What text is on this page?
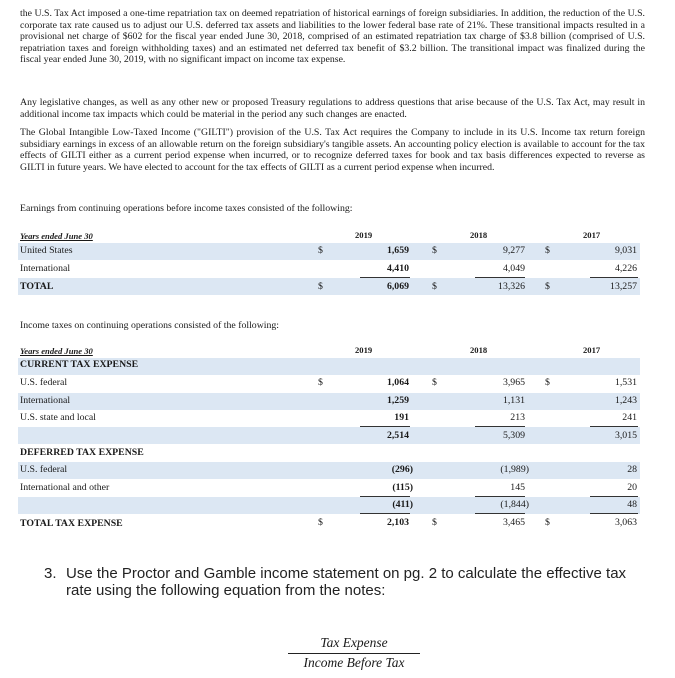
the U.S. Tax Act imposed a one-time repatriation tax on deemed repatriation of historical earnings of foreign subsidiaries. In addition, the reduction of the U.S. corporate tax rate caused us to adjust our U.S. deferred tax assets and liabilities to the lower federal base rate of 21%. These transitional impacts resulted in a provisional net charge of $602 for the fiscal year ended June 30, 2018, comprised of an estimated repatriation tax charge of $3.8 billion (comprised of U.S. repatriation taxes and foreign withholding taxes) and an estimated net deferred tax benefit of $3.2 billion. The transitional impact was finalized during the fiscal year ended June 30, 2019, with no significant impact on income tax expense.
Any legislative changes, as well as any other new or proposed Treasury regulations to address questions that arise because of the U.S. Tax Act, may result in additional income tax impacts which could be material in the period any such changes are enacted.
The Global Intangible Low-Taxed Income ("GILTI") provision of the U.S. Tax Act requires the Company to include in its U.S. Income tax return foreign subsidiary earnings in excess of an allowable return on the foreign subsidiary's tangible assets. An accounting policy election is available to account for the tax effects of GILTI either as a current period expense when incurred, or to recognize deferred taxes for book and tax basis differences expected to reverse as GILTI in future years. We have elected to account for the tax effects of GILTI as a current period expense when incurred.
Earnings from continuing operations before income taxes consisted of the following:
Years ended June 30	2019	2018	2017
United States	$	1,659 $	9,277 $	9,031
International	4,410	4,049	4,226
TOTAL	$	6,069 $	13,326 $	13,257
Income taxes on continuing operations consisted of the following:
Years ended June 30	2019	2018	2017
CURRENT TAX EXPENSE
U.S. federal	$	1,064 $	3,965 $	1,531
International	1,259	1,131	1,243
U.S. state and local	191	213	241
2,514	5,309	3,015
DEFERRED TAX EXPENSE
U.S. federal	(296)	(1,989)	28
International and other	(115)	145	20
(411)	(1,844)	48
TOTAL TAX EXPENSE	$	2,103 $	3,465 $	3,063
3. Use the Proctor and Gamble income statement on pg. 2 to calculate the effective tax rate using the following equation from the notes:
Tax Expense
Income Before Tax
